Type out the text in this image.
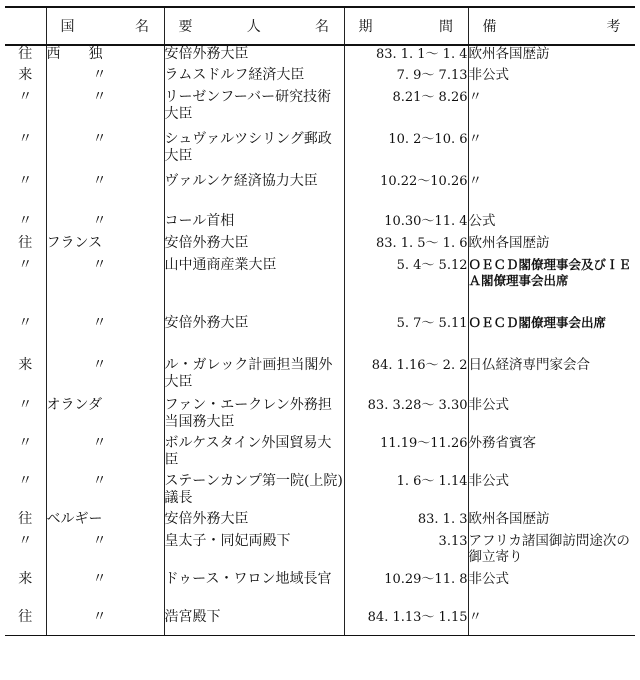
	国 名	要 人 名	期 間	備 考

往	西　　独	安倍外務大臣	83. 1. 1～ 1. 4	欧州各国歴訪
来	〃	ラムスドルフ経済大臣	7. 9～ 7.13	非公式
〃	〃	リーゼンフーバー研究技術大臣	8.21～ 8.26	〃
〃	〃	シュヴァルツシリング郵政大臣	10. 2～10. 6	〃
〃	〃	ヴァルンケ経済協力大臣	10.22～10.26	〃
〃	〃	コール首相	10.30～11. 4	公式
往	フランス	安倍外務大臣	83. 1. 5～ 1. 6	欧州各国歴訪
〃	〃	山中通商産業大臣	5. 4～ 5.12	ＯＥＣＤ閣僚理事会及びＩＥＡ閣僚理事会出席
〃	〃	安倍外務大臣	5. 7～ 5.11	ＯＥＣＤ閣僚理事会出席
来	〃	ル・ガレック計画担当閣外大臣	84. 1.16～ 2. 2	日仏経済専門家会合
〃	オランダ	ファン・エークレン外務担当国務大臣	83. 3.28～ 3.30	非公式
〃	〃	ボルケスタイン外国貿易大臣	11.19～11.26	外務省賓客
〃	〃	ステーンカンプ第一院(上院)議長	1. 6～ 1.14	非公式
往	ベルギー	安倍外務大臣	83. 1. 3	欧州各国歴訪
〃	〃	皇太子・同妃両殿下	3.13	アフリカ諸国御訪問途次の御立寄り
来	〃	ドゥース・ワロン地域長官	10.29～11. 8	非公式
往	〃	浩宮殿下	84. 1.13～ 1.15	〃
